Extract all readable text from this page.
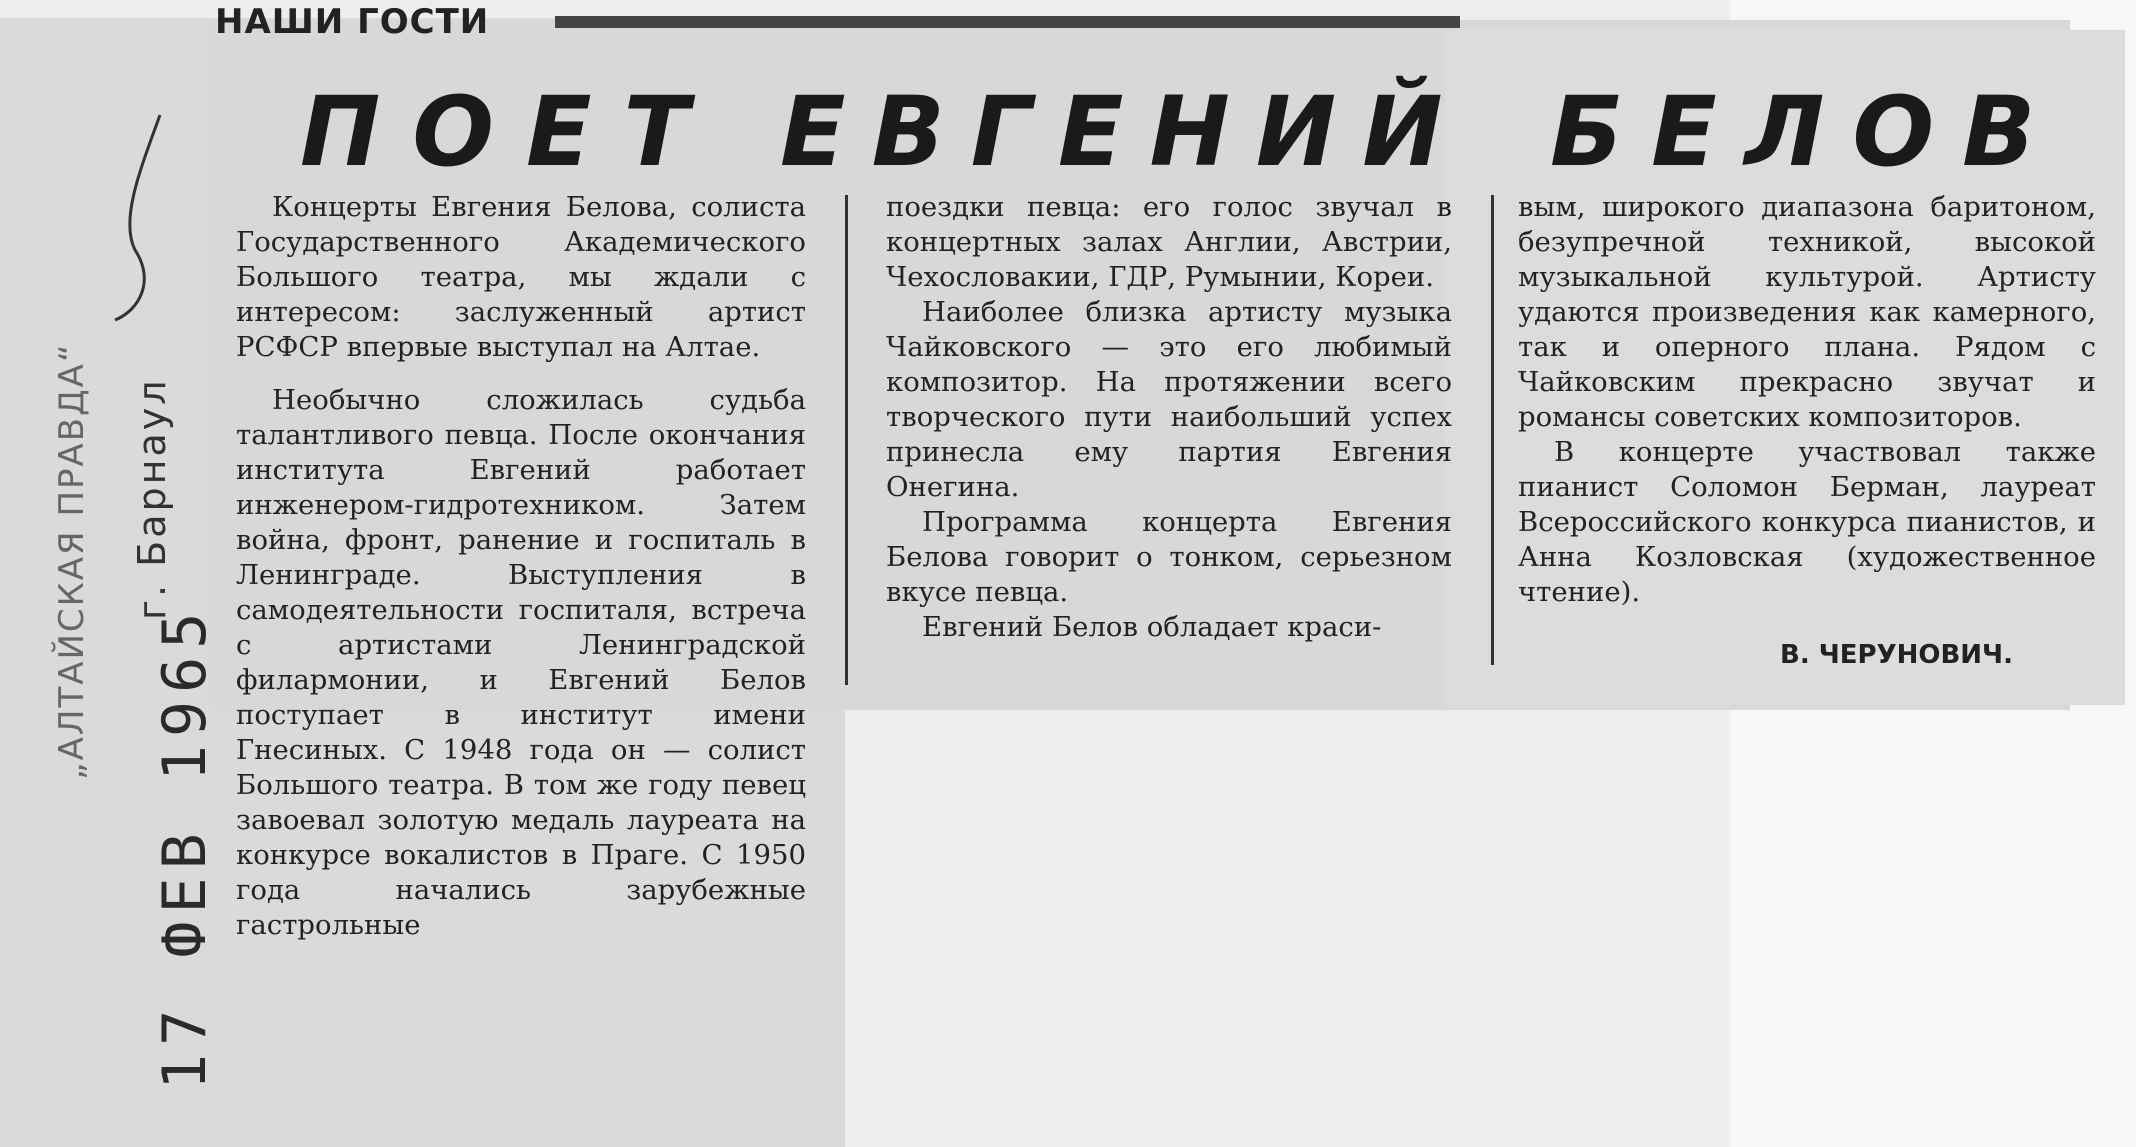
НАШИ ГОСТИ
ПОЕТ ЕВГЕНИЙ БЕЛОВ

Концерты Евгения Белова, солиста Государственного Академического Большого театра, мы ждали с интересом: заслуженный артист РСФСР впервые выступал на Алтае.

Необычно сложилась судьба талантливого певца. После окончания института Евгений работает инженером-гидротехником. Затем война, фронт, ранение и госпиталь в Ленинграде. Выступления в самодеятельности госпиталя, встреча с артистами Ленинградской филармонии, и Евгений Белов поступает в институт имени Гнесиных. С 1948 года он — солист Большого театра. В том же году певец завоевал золотую медаль лауреата на конкурсе вокалистов в Праге. С 1950 года начались зарубежные гастрольные

поездки певца: его голос звучал в концертных залах Англии, Австрии, Чехословакии, ГДР, Румынии, Кореи.

Наиболее близка артисту музыка Чайковского — это его любимый композитор. На протяжении всего творческого пути наибольший успех принесла ему партия Евгения Онегина.

Программа концерта Евгения Белова говорит о тонком, серьезном вкусе певца.

Евгений Белов обладает краси-

вым, широкого диапазона баритоном, безупречной техникой, высокой музыкальной культурой. Артисту удаются произведения как камерного, так и оперного плана. Рядом с Чайковским прекрасно звучат и романсы советских композиторов.

В концерте участвовал также пианист Соломон Берман, лауреат Всероссийского конкурса пианистов, и Анна Козловская (художественное чтение).

В. ЧЕРУНОВИЧ.
„АЛТАЙСКАЯ ПРАВДА“ г. Барнаул
17 ФЕВ 1965
